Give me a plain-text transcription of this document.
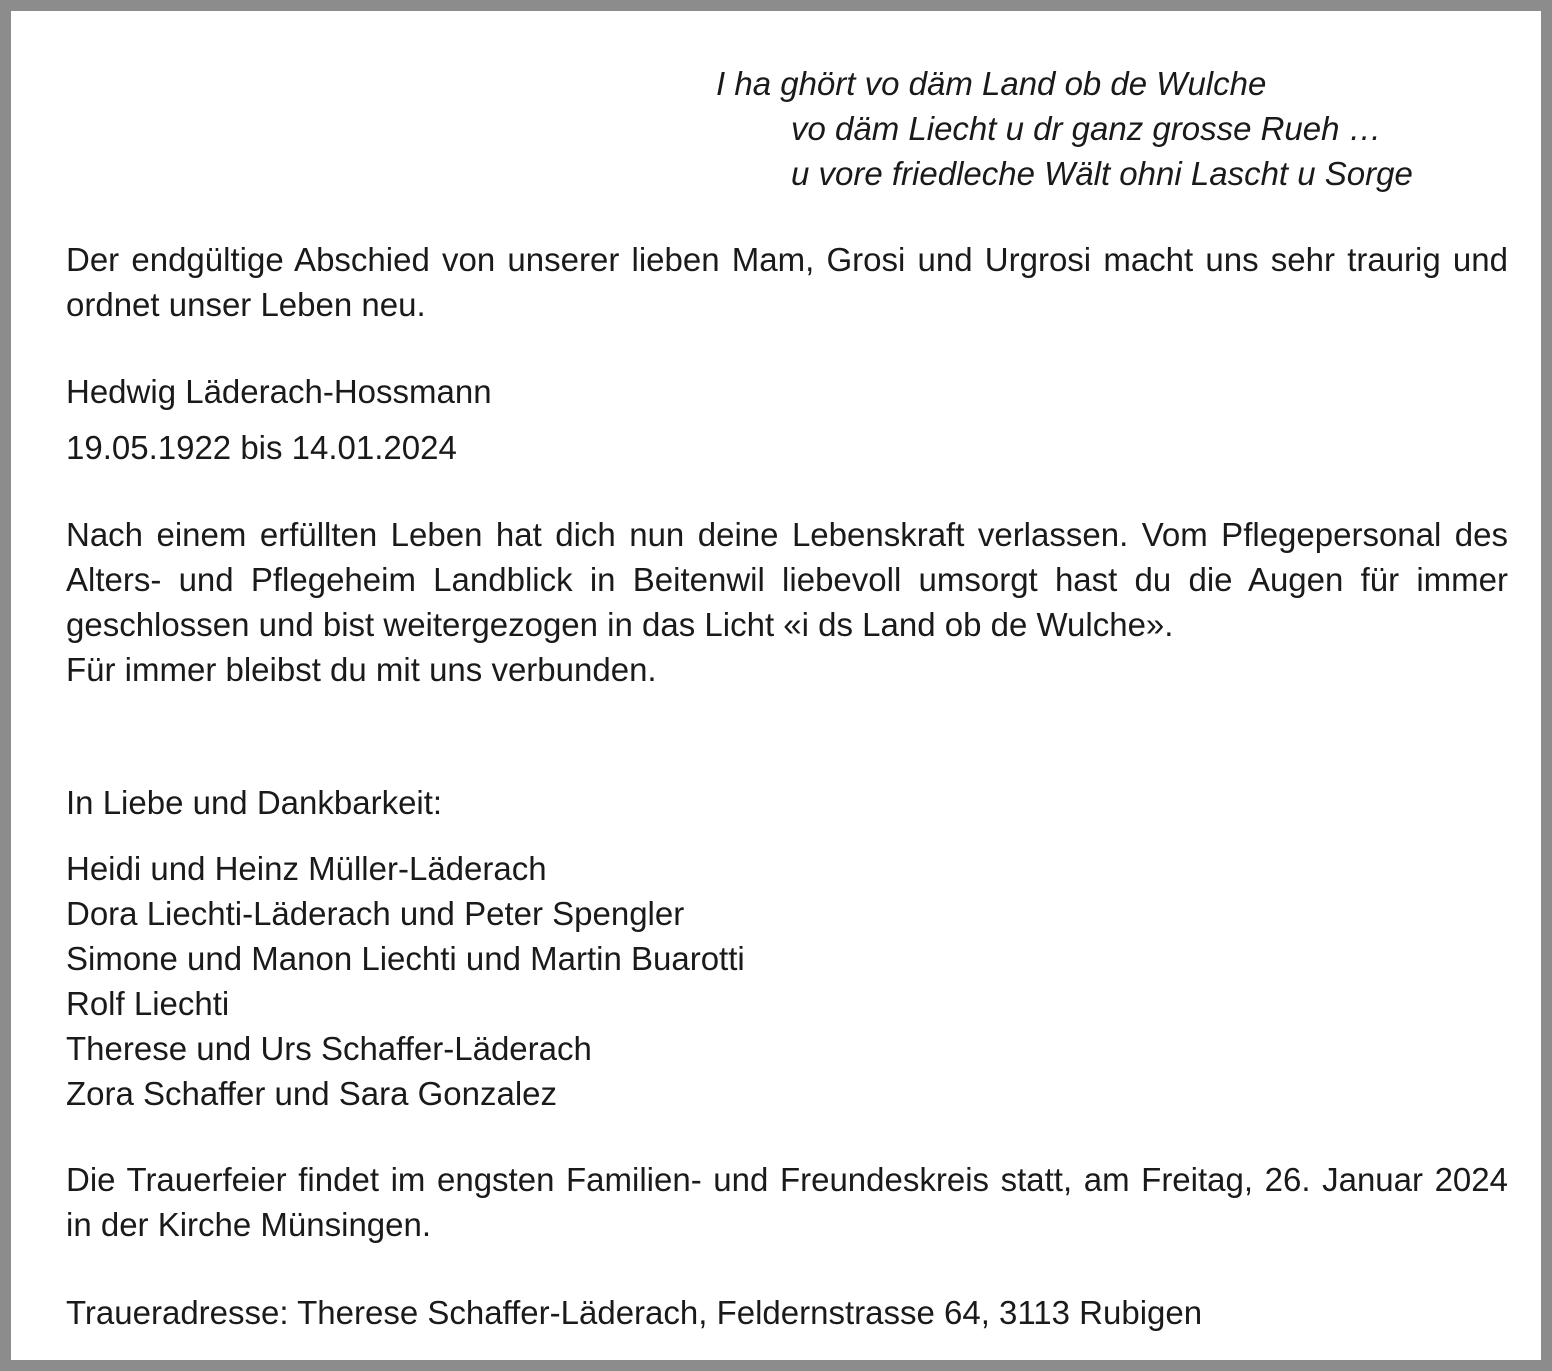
I ha ghört vo däm Land ob de Wulche
vo däm Liecht u dr ganz grosse Rueh …
u vore friedleche Wält ohni Lascht u Sorge
Der endgültige Abschied von unserer lieben Mam, Grosi und Urgrosi macht uns sehr traurig und ordnet unser Leben neu.
Hedwig Läderach-Hossmann
19.05.1922 bis 14.01.2024
Nach einem erfüllten Leben hat dich nun deine Lebenskraft verlassen. Vom Pflegepersonal des Alters- und Pflegeheim Landblick in Beitenwil liebevoll umsorgt hast du die Augen für immer geschlossen und bist weitergezogen in das Licht «i ds Land ob de Wulche».
Für immer bleibst du mit uns verbunden.
In Liebe und Dankbarkeit:
Heidi und Heinz Müller-Läderach
Dora Liechti-Läderach und Peter Spengler
Simone und Manon Liechti und Martin Buarotti
Rolf Liechti
Therese und Urs Schaffer-Läderach
Zora Schaffer und Sara Gonzalez
Die Trauerfeier findet im engsten Familien- und Freundeskreis statt, am Freitag, 26. Januar 2024 in der Kirche Münsingen.
Traueradresse: Therese Schaffer-Läderach, Feldernstrasse 64, 3113 Rubigen
